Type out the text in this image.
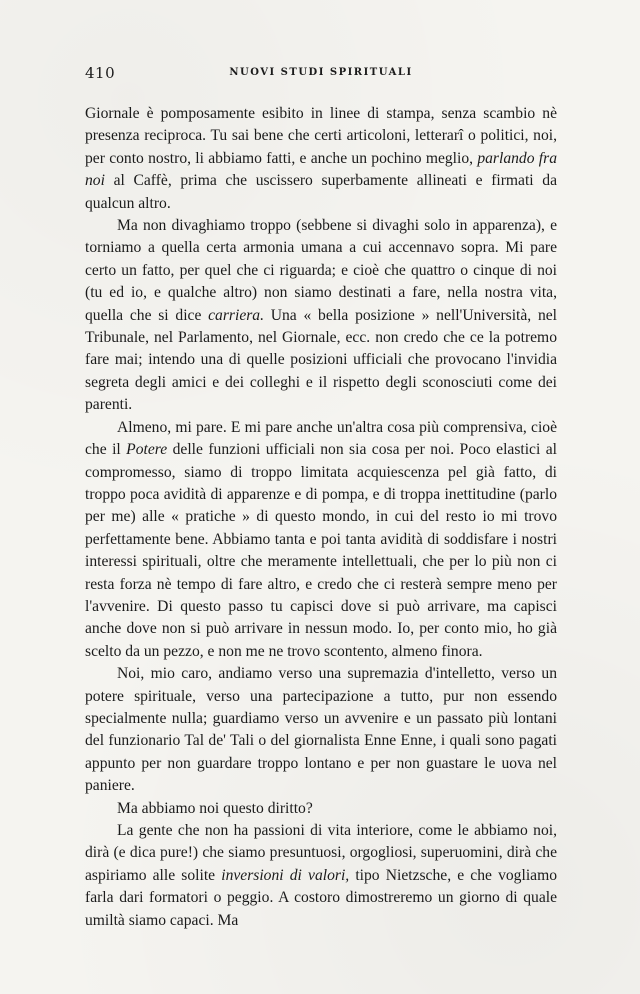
410	NUOVI STUDI SPIRITUALI

Giornale è pomposamente esibito in linee di stampa, senza scambio nè presenza reciproca. Tu sai bene che certi articoloni, letterarî o politici, noi, per conto nostro, li abbiamo fatti, e anche un pochino meglio, parlando fra noi al Caffè, prima che uscissero superbamente allineati e firmati da qualcun altro.

Ma non divaghiamo troppo (sebbene si divaghi solo in apparenza), e torniamo a quella certa armonia umana a cui accennavo sopra. Mi pare certo un fatto, per quel che ci riguarda; e cioè che quattro o cinque di noi (tu ed io, e qualche altro) non siamo destinati a fare, nella nostra vita, quella che si dice carriera. Una « bella posizione » nell'Università, nel Tribunale, nel Parlamento, nel Giornale, ecc. non credo che ce la potremo fare mai; intendo una di quelle posizioni ufficiali che provocano l'invidia segreta degli amici e dei colleghi e il rispetto degli sconosciuti come dei parenti.

Almeno, mi pare. E mi pare anche un'altra cosa più comprensiva, cioè che il Potere delle funzioni ufficiali non sia cosa per noi. Poco elastici al compromesso, siamo di troppo limitata acquiescenza pel già fatto, di troppo poca avidità di apparenze e di pompa, e di troppa inettitudine (parlo per me) alle « pratiche » di questo mondo, in cui del resto io mi trovo perfettamente bene. Abbiamo tanta e poi tanta avidità di soddisfare i nostri interessi spirituali, oltre che meramente intellettuali, che per lo più non ci resta forza nè tempo di fare altro, e credo che ci resterà sempre meno per l'avvenire. Di questo passo tu capisci dove si può arrivare, ma capisci anche dove non si può arrivare in nessun modo. Io, per conto mio, ho già scelto da un pezzo, e non me ne trovo scontento, almeno finora.

Noi, mio caro, andiamo verso una supremazia d'intelletto, verso un potere spirituale, verso una partecipazione a tutto, pur non essendo specialmente nulla; guardiamo verso un avvenire e un passato più lontani del funzionario Tal de' Tali o del giornalista Enne Enne, i quali sono pagati appunto per non guardare troppo lontano e per non guastare le uova nel paniere.

Ma abbiamo noi questo diritto?

La gente che non ha passioni di vita interiore, come le abbiamo noi, dirà (e dica pure!) che siamo presuntuosi, orgogliosi, superuomini, dirà che aspiriamo alle solite inversioni di valori, tipo Nietzsche, e che vogliamo farla dari formatori o peggio. A costoro dimostreremo un giorno di quale umiltà siamo capaci. Ma
